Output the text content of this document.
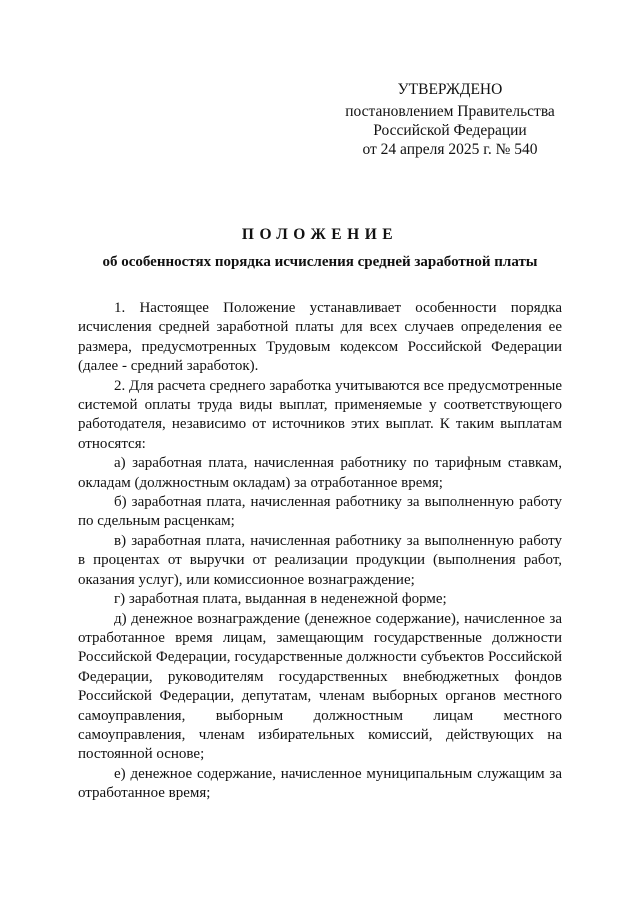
УТВЕРЖДЕНО
постановлением Правительства
Российской Федерации
от 24 апреля 2025 г. № 540
ПОЛОЖЕНИЕ
об особенностях порядка исчисления средней заработной платы

1. Настоящее Положение устанавливает особенности порядка исчисления средней заработной платы для всех случаев определения ее размера, предусмотренных Трудовым кодексом Российской Федерации (далее - средний заработок).

2. Для расчета среднего заработка учитываются все предусмотренные системой оплаты труда виды выплат, применяемые у соответствующего работодателя, независимо от источников этих выплат. К таким выплатам относятся:

а) заработная плата, начисленная работнику по тарифным ставкам, окладам (должностным окладам) за отработанное время;

б) заработная плата, начисленная работнику за выполненную работу по сдельным расценкам;

в) заработная плата, начисленная работнику за выполненную работу в процентах от выручки от реализации продукции (выполнения работ, оказания услуг), или комиссионное вознаграждение;

г) заработная плата, выданная в неденежной форме;

д) денежное вознаграждение (денежное содержание), начисленное за отработанное время лицам, замещающим государственные должности Российской Федерации, государственные должности субъектов Российской Федерации, руководителям государственных внебюджетных фондов Российской Федерации, депутатам, членам выборных органов местного самоуправления, выборным должностным лицам местного самоуправления, членам избирательных комиссий, действующих на постоянной основе;

е) денежное содержание, начисленное муниципальным служащим за отработанное время;
